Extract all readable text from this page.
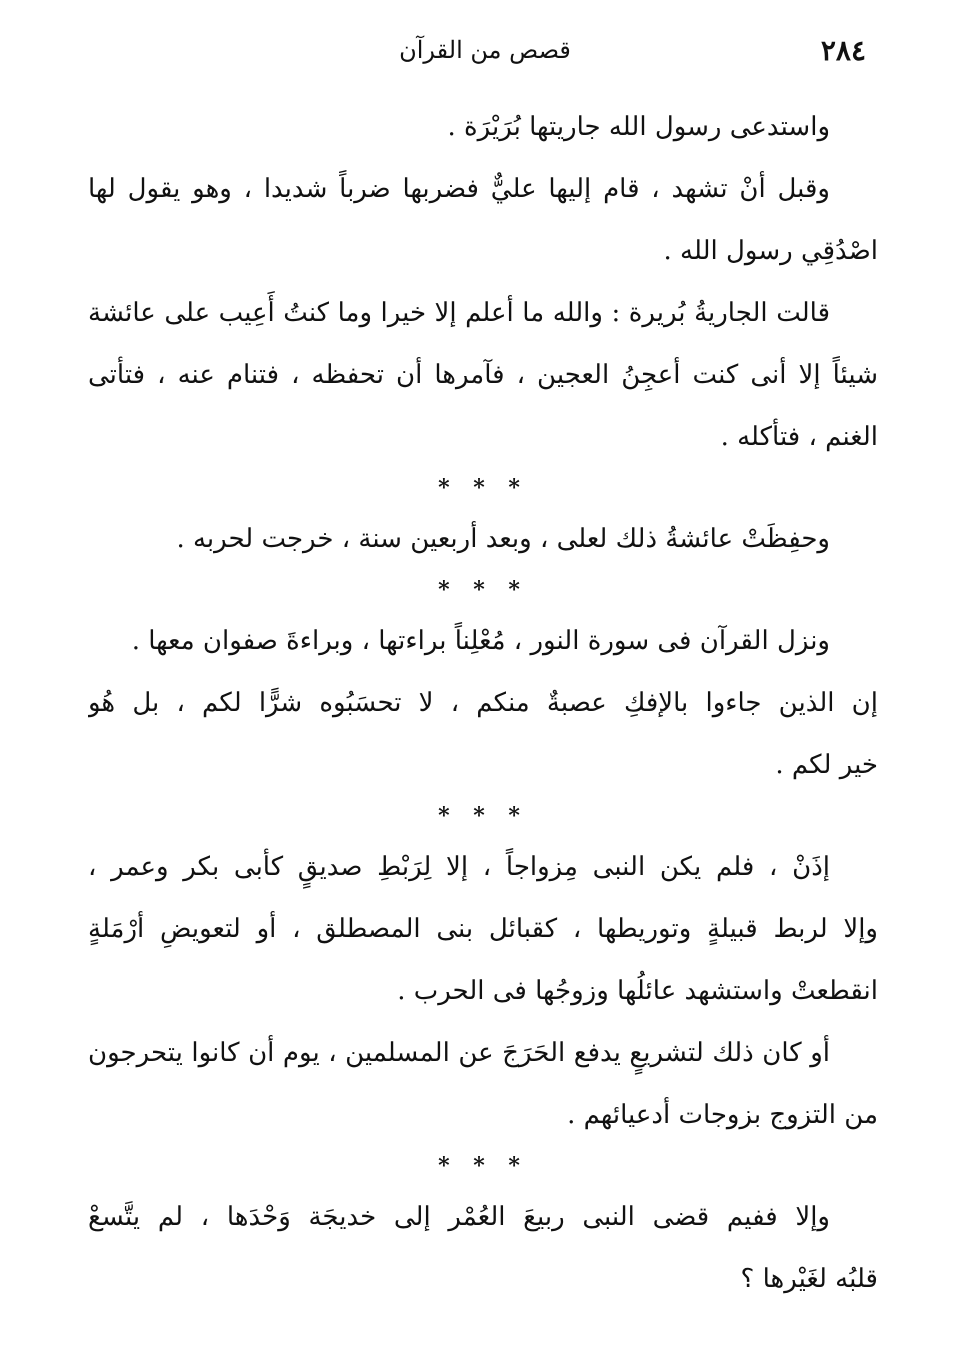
٢٨٤
قصص من القرآن
واستدعى رسول الله جاريتها بُرَيْرَة .
وقبل أنْ تشهد ، قام إليها عليٌّ فضربها ضرباً شديدا ، وهو يقول لها
اصْدُقِي رسول الله .
قالت الجاريةُ بُريرة : والله ما أعلم إلا خيرا وما كنتُ أَعِيب على عائشة
شيئاً إلا أنى كنت أعجِنُ العجين ، فآمرها أن تحفظه ، فتنام عنه ، فتأتى
الغنم ، فتأكله .
* * *
وحفِظَتْ عائشةُ ذلك لعلى ، وبعد أربعين سنة ، خرجت لحربه .
* * *
ونزل القرآن فى سورة النور ، مُعْلِناً براءتها ، وبراءةَ صفوان معها .
إن الذين جاءوا بالإفكِ عصبةٌ منكم ، لا تحسَبُوه شرًّا لكم ، بل هُو
خير لكم .
* * *
إذَنْ ، فلم يكن النبى مِزواجاً ، إلا لِرَبْطِ صديقٍ كأبى بكر وعمر ،
وإلا لربط قبيلةٍ وتوريطها ، كقبائل بنى المصطلق ، أو لتعويضِ أرْمَلةٍ
انقطعتْ واستشهد عائلُها وزوجُها فى الحرب .
أو كان ذلك لتشريعٍ يدفع الحَرَجَ عن المسلمين ، يوم أن كانوا يتحرجون
من التزوج بزوجات أدعيائهم .
* * *
وإلا ففيم قضى النبى ربيعَ العُمْر إلى خديجَة وَحْدَها ، لم يتَّسعْ
قلبُه لغَيْرها ؟
